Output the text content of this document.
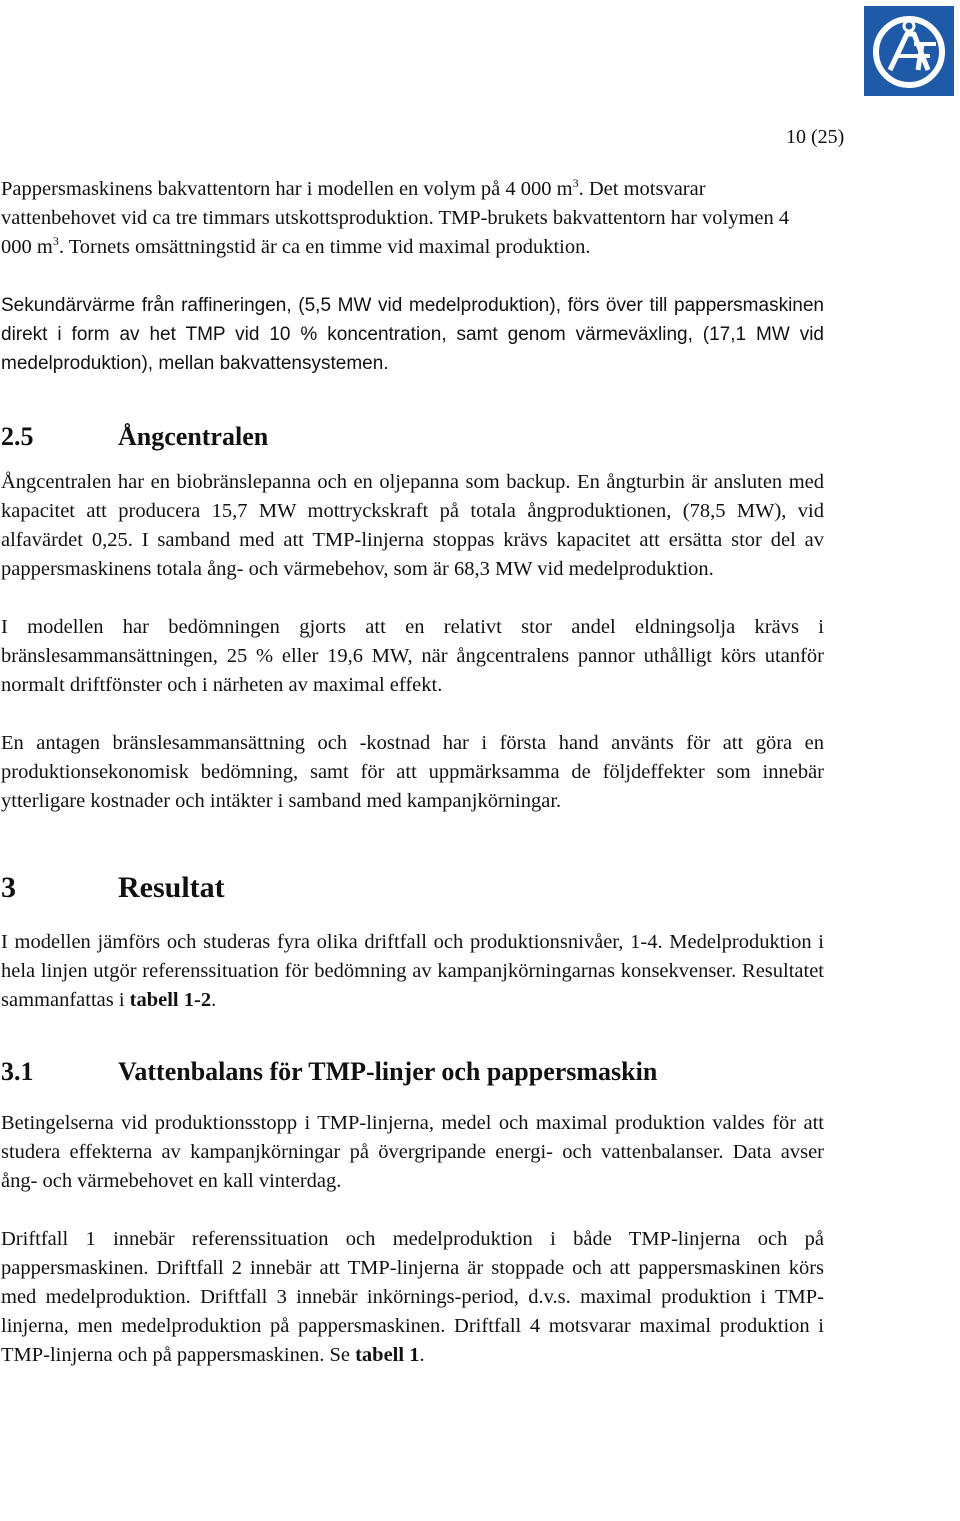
10 (25)

Pappersmaskinens bakvattentorn har i modellen en volym på 4 000 $m^3$. Det motsvarar vattenbehovet vid ca tre timmars utskottsproduktion. TMP-brukets bakvattentorn har volymen 4 000 $m^3$. Tornets omsättningstid är ca en timme vid maximal produktion.

Sekundärvärme från raffineringen, (5,5 MW vid medelproduktion), förs över till pappersmaskinen direkt i form av het TMP vid 10 % koncentration, samt genom värmeväxling, (17,1 MW vid medelproduktion), mellan bakvattensystemen.

2.5	Ångcentralen

Ångcentralen har en biobränslepanna och en oljepanna som backup. En ångturbin är ansluten med kapacitet att producera 15,7 MW mottryckskraft på totala ångproduktionen, (78,5 MW), vid alfavärdet 0,25. I samband med att TMP-linjerna stoppas krävs kapacitet att ersätta stor del av pappersmaskinens totala ång- och värmebehov, som är 68,3 MW vid medelproduktion.

I modellen har bedömningen gjorts att en relativt stor andel eldningsolja krävs i bränslesammansättningen, 25 % eller 19,6 MW, när ångcentralens pannor uthålligt körs utanför normalt driftfönster och i närheten av maximal effekt.

En antagen bränslesammansättning och -kostnad har i första hand använts för att göra en produktionsekonomisk bedömning, samt för att uppmärksamma de följdeffekter som innebär ytterligare kostnader och intäkter i samband med kampanjkörningar.

3	Resultat

I modellen jämförs och studeras fyra olika driftfall och produktionsnivåer, 1-4. Medelproduktion i hela linjen utgör referenssituation för bedömning av kampanjkörningarnas konsekvenser. Resultatet sammanfattas i tabell 1-2.

3.1	Vattenbalans för TMP-linjer och pappersmaskin

Betingelserna vid produktionsstopp i TMP-linjerna, medel och maximal produktion valdes för att studera effekterna av kampanjkörningar på övergripande energi- och vattenbalanser. Data avser ång- och värmebehovet en kall vinterdag.

Driftfall 1 innebär referenssituation och medelproduktion i både TMP-linjerna och på pappersmaskinen. Driftfall 2 innebär att TMP-linjerna är stoppade och att pappersmaskinen körs med medelproduktion. Driftfall 3 innebär inkörnings-period, d.v.s. maximal produktion i TMP-linjerna, men medelproduktion på pappersmaskinen. Driftfall 4 motsvarar maximal produktion i TMP-linjerna och på pappersmaskinen. Se tabell 1.
